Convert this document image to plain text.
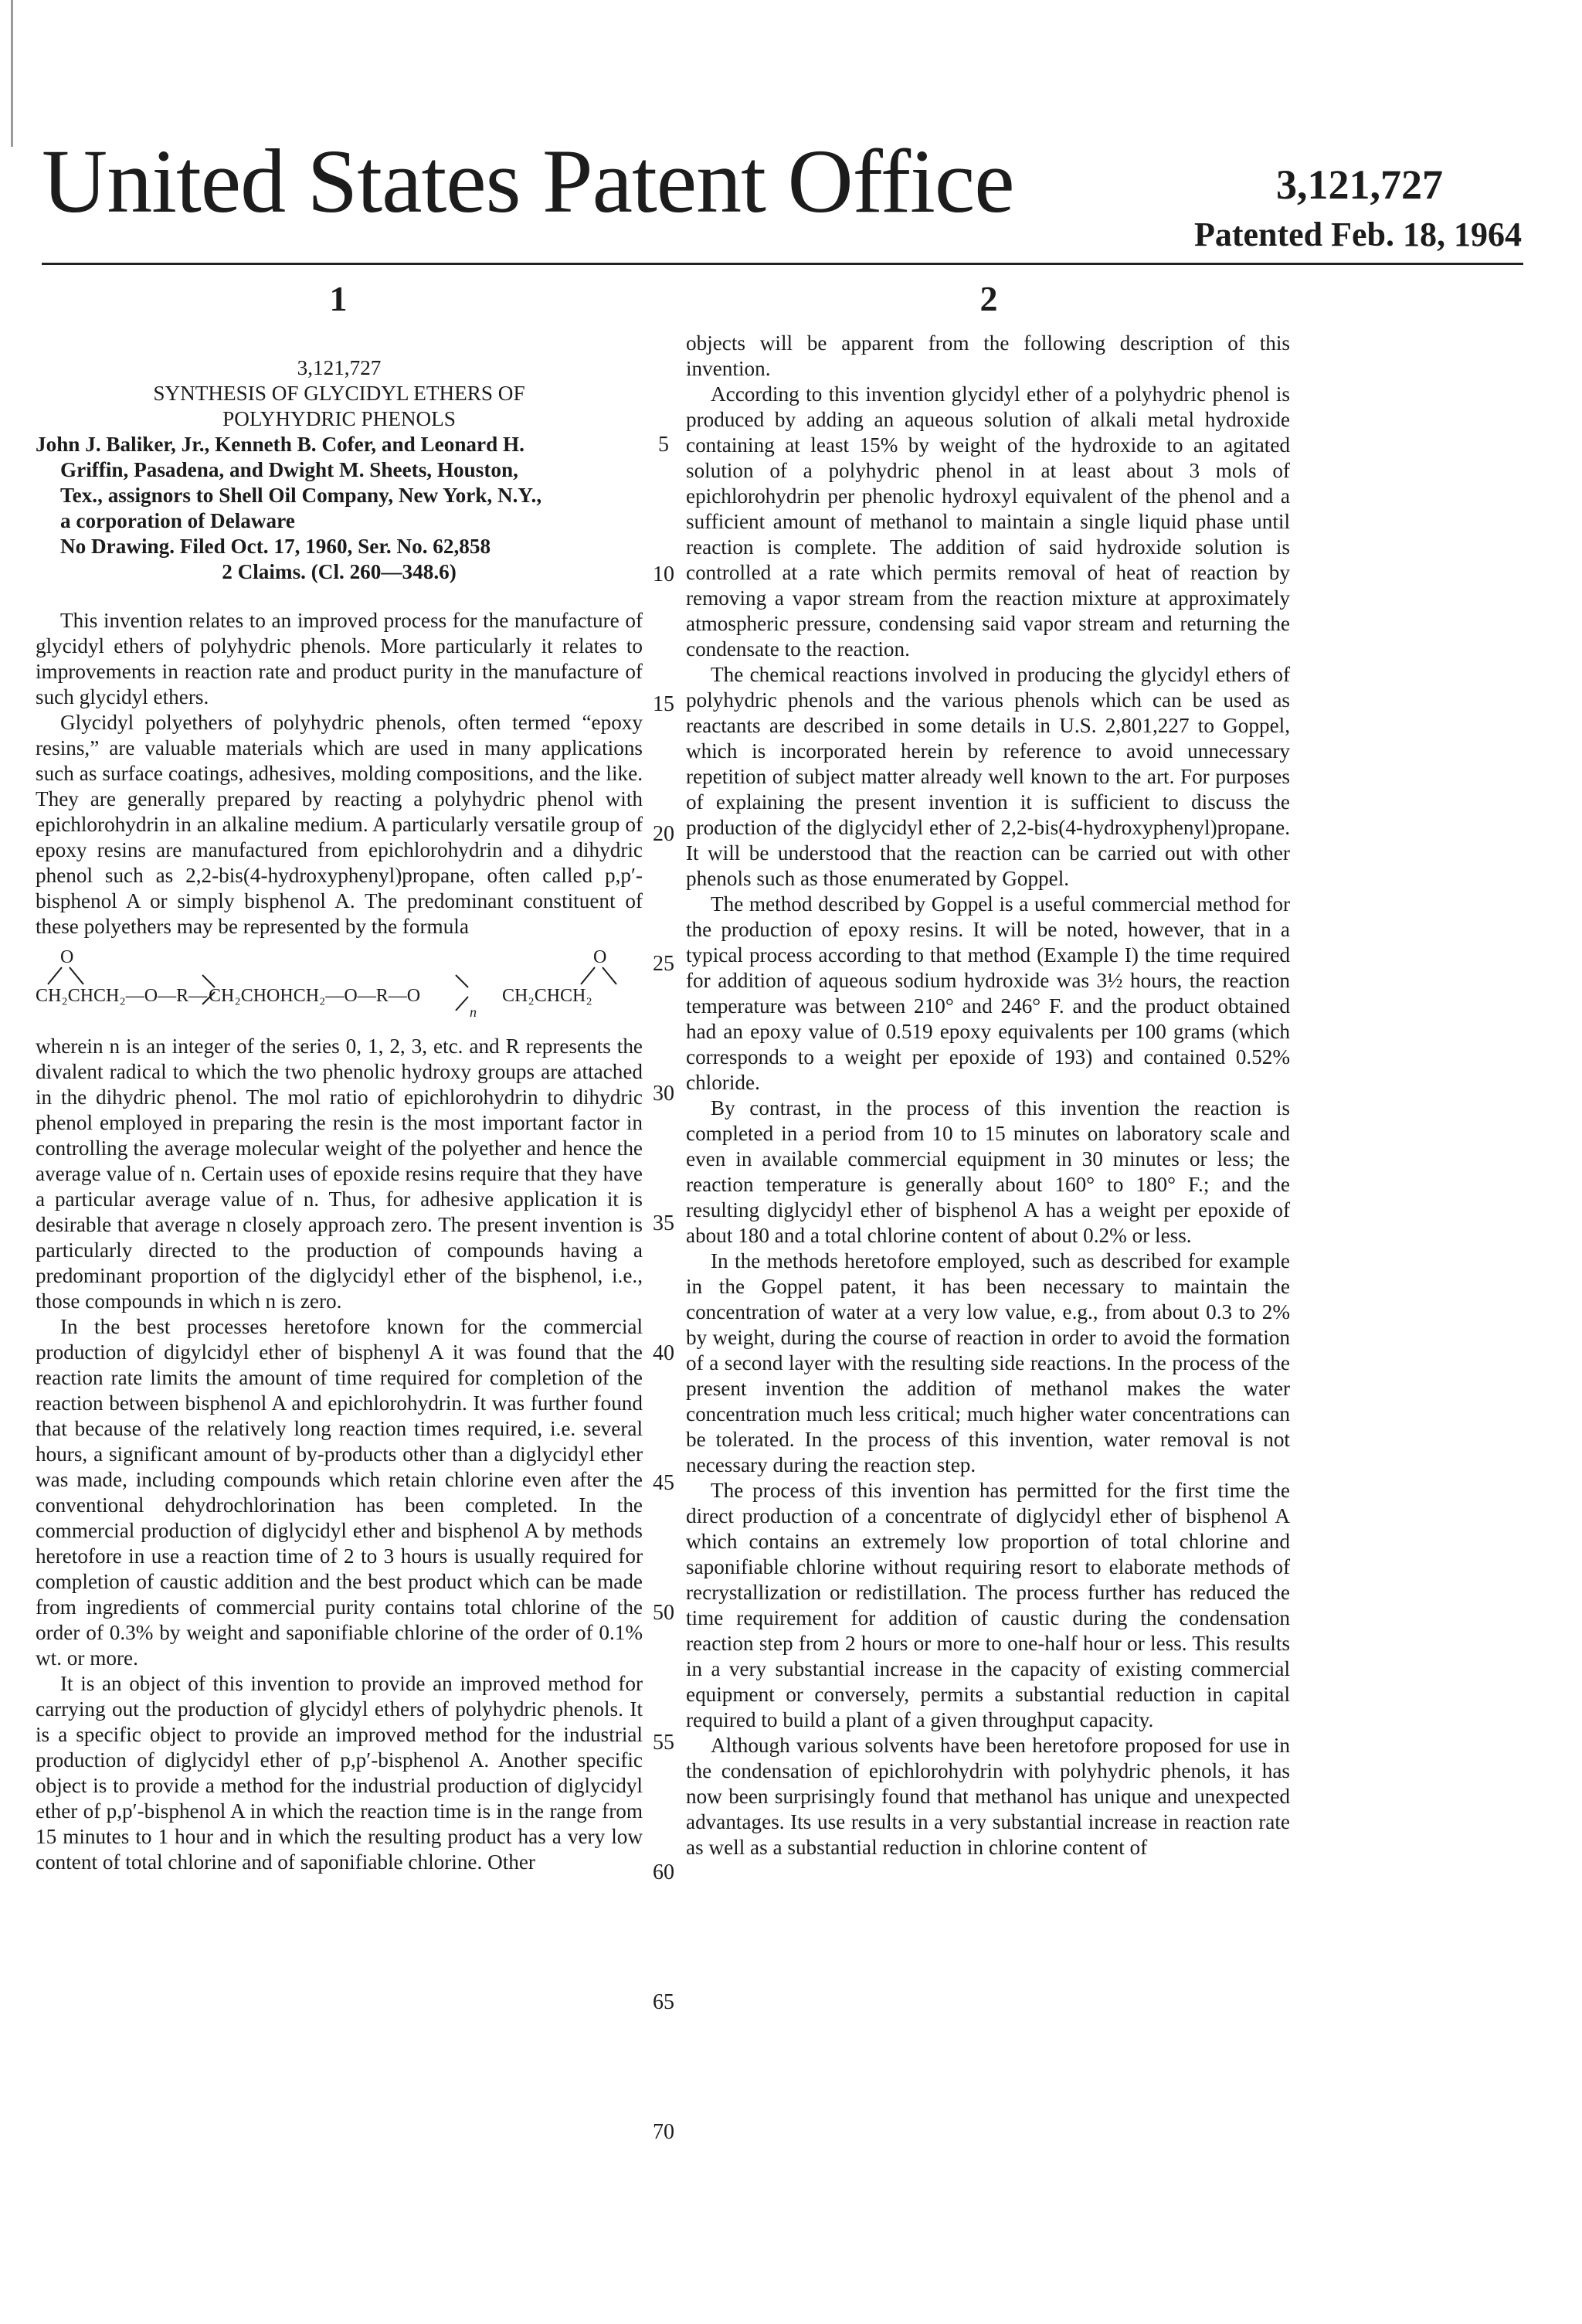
United States Patent Office	3,121,727
Patented Feb. 18, 1964
1	2
3,121,727
SYNTHESIS OF GLYCIDYL ETHERS OF
POLYHYDRIC PHENOLS
John J. Baliker, Jr., Kenneth B. Cofer, and Leonard H.
Griffin, Pasadena, and Dwight M. Sheets, Houston,
Tex., assignors to Shell Oil Company, New York, N.Y.,
a corporation of Delaware
No Drawing. Filed Oct. 17, 1960, Ser. No. 62,858
2 Claims. (Cl. 260—348.6)

This invention relates to an improved process for the manufacture of glycidyl ethers of polyhydric phenols. More particularly it relates to improvements in reaction rate and product purity in the manufacture of such glycidyl ethers.

Glycidyl polyethers of polyhydric phenols, often termed “epoxy resins,” are valuable materials which are used in many applications such as surface coatings, adhesives, molding compositions, and the like. They are generally prepared by reacting a polyhydric phenol with epichlorohydrin in an alkaline medium. A particularly versatile group of epoxy resins are manufactured from epichlorohydrin and a dihydric phenol such as 2,2-bis(4-hydroxyphenyl)propane, often called p,p′-bisphenol A or simply bisphenol A. The predominant constituent of these polyethers may be represented by the formula

O	O
CH₂CHCH₂—O—R— CH₂CHOHCH₂—O—R—O	CH₂CHCH₂
n

wherein n is an integer of the series 0, 1, 2, 3, etc. and R represents the divalent radical to which the two phenolic hydroxy groups are attached in the dihydric phenol. The mol ratio of epichlorohydrin to dihydric phenol employed in preparing the resin is the most important factor in controlling the average molecular weight of the polyether and hence the average value of n. Certain uses of epoxide resins require that they have a particular average value of n. Thus, for adhesive application it is desirable that average n closely approach zero. The present invention is particularly directed to the production of compounds having a predominant proportion of the diglycidyl ether of the bisphenol, i.e., those compounds in which n is zero.

In the best processes heretofore known for the commercial production of digylcidyl ether of bisphenyl A it was found that the reaction rate limits the amount of time required for completion of the reaction between bisphenol A and epichlorohydrin. It was further found that because of the relatively long reaction times required, i.e. several hours, a significant amount of by-products other than a diglycidyl ether was made, including compounds which retain chlorine even after the conventional dehydrochlorination has been completed. In the commercial production of diglycidyl ether and bisphenol A by methods heretofore in use a reaction time of 2 to 3 hours is usually required for completion of caustic addition and the best product which can be made from ingredients of commercial purity contains total chlorine of the order of 0.3% by weight and saponifiable chlorine of the order of 0.1% wt. or more.

It is an object of this invention to provide an improved method for carrying out the production of glycidyl ethers of polyhydric phenols. It is a specific object to provide an improved method for the industrial production of diglycidyl ether of p,p′-bisphenol A. Another specific object is to provide a method for the industrial production of diglycidyl ether of p,p′-bisphenol A in which the reaction time is in the range from 15 minutes to 1 hour and in which the resulting product has a very low content of total chlorine and of saponifiable chlorine. Other

5
10
15
20
25
30
35
40
45
50
55
60
65
70

objects will be apparent from the following description of this invention.

According to this invention glycidyl ether of a polyhydric phenol is produced by adding an aqueous solution of alkali metal hydroxide containing at least 15% by weight of the hydroxide to an agitated solution of a polyhydric phenol in at least about 3 mols of epichlorohydrin per phenolic hydroxyl equivalent of the phenol and a sufficient amount of methanol to maintain a single liquid phase until reaction is complete. The addition of said hydroxide solution is controlled at a rate which permits removal of heat of reaction by removing a vapor stream from the reaction mixture at approximately atmospheric pressure, condensing said vapor stream and returning the condensate to the reaction.

The chemical reactions involved in producing the glycidyl ethers of polyhydric phenols and the various phenols which can be used as reactants are described in some details in U.S. 2,801,227 to Goppel, which is incorporated herein by reference to avoid unnecessary repetition of subject matter already well known to the art. For purposes of explaining the present invention it is sufficient to discuss the production of the diglycidyl ether of 2,2-bis(4-hydroxyphenyl)propane. It will be understood that the reaction can be carried out with other phenols such as those enumerated by Goppel.

The method described by Goppel is a useful commercial method for the production of epoxy resins. It will be noted, however, that in a typical process according to that method (Example I) the time required for addition of aqueous sodium hydroxide was 3½ hours, the reaction temperature was between 210° and 246° F. and the product obtained had an epoxy value of 0.519 epoxy equivalents per 100 grams (which corresponds to a weight per epoxide of 193) and contained 0.52% chloride.

By contrast, in the process of this invention the reaction is completed in a period from 10 to 15 minutes on laboratory scale and even in available commercial equipment in 30 minutes or less; the reaction temperature is generally about 160° to 180° F.; and the resulting diglycidyl ether of bisphenol A has a weight per epoxide of about 180 and a total chlorine content of about 0.2% or less.

In the methods heretofore employed, such as described for example in the Goppel patent, it has been necessary to maintain the concentration of water at a very low value, e.g., from about 0.3 to 2% by weight, during the course of reaction in order to avoid the formation of a second layer with the resulting side reactions. In the process of the present invention the addition of methanol makes the water concentration much less critical; much higher water concentrations can be tolerated. In the process of this invention, water removal is not necessary during the reaction step.

The process of this invention has permitted for the first time the direct production of a concentrate of diglycidyl ether of bisphenol A which contains an extremely low proportion of total chlorine and saponifiable chlorine without requiring resort to elaborate methods of recrystallization or redistillation. The process further has reduced the time requirement for addition of caustic during the condensation reaction step from 2 hours or more to one-half hour or less. This results in a very substantial increase in the capacity of existing commercial equipment or conversely, permits a substantial reduction in capital required to build a plant of a given throughput capacity.

Although various solvents have been heretofore proposed for use in the condensation of epichlorohydrin with polyhydric phenols, it has now been surprisingly found that methanol has unique and unexpected advantages. Its use results in a very substantial increase in reaction rate as well as a substantial reduction in chlorine content of
